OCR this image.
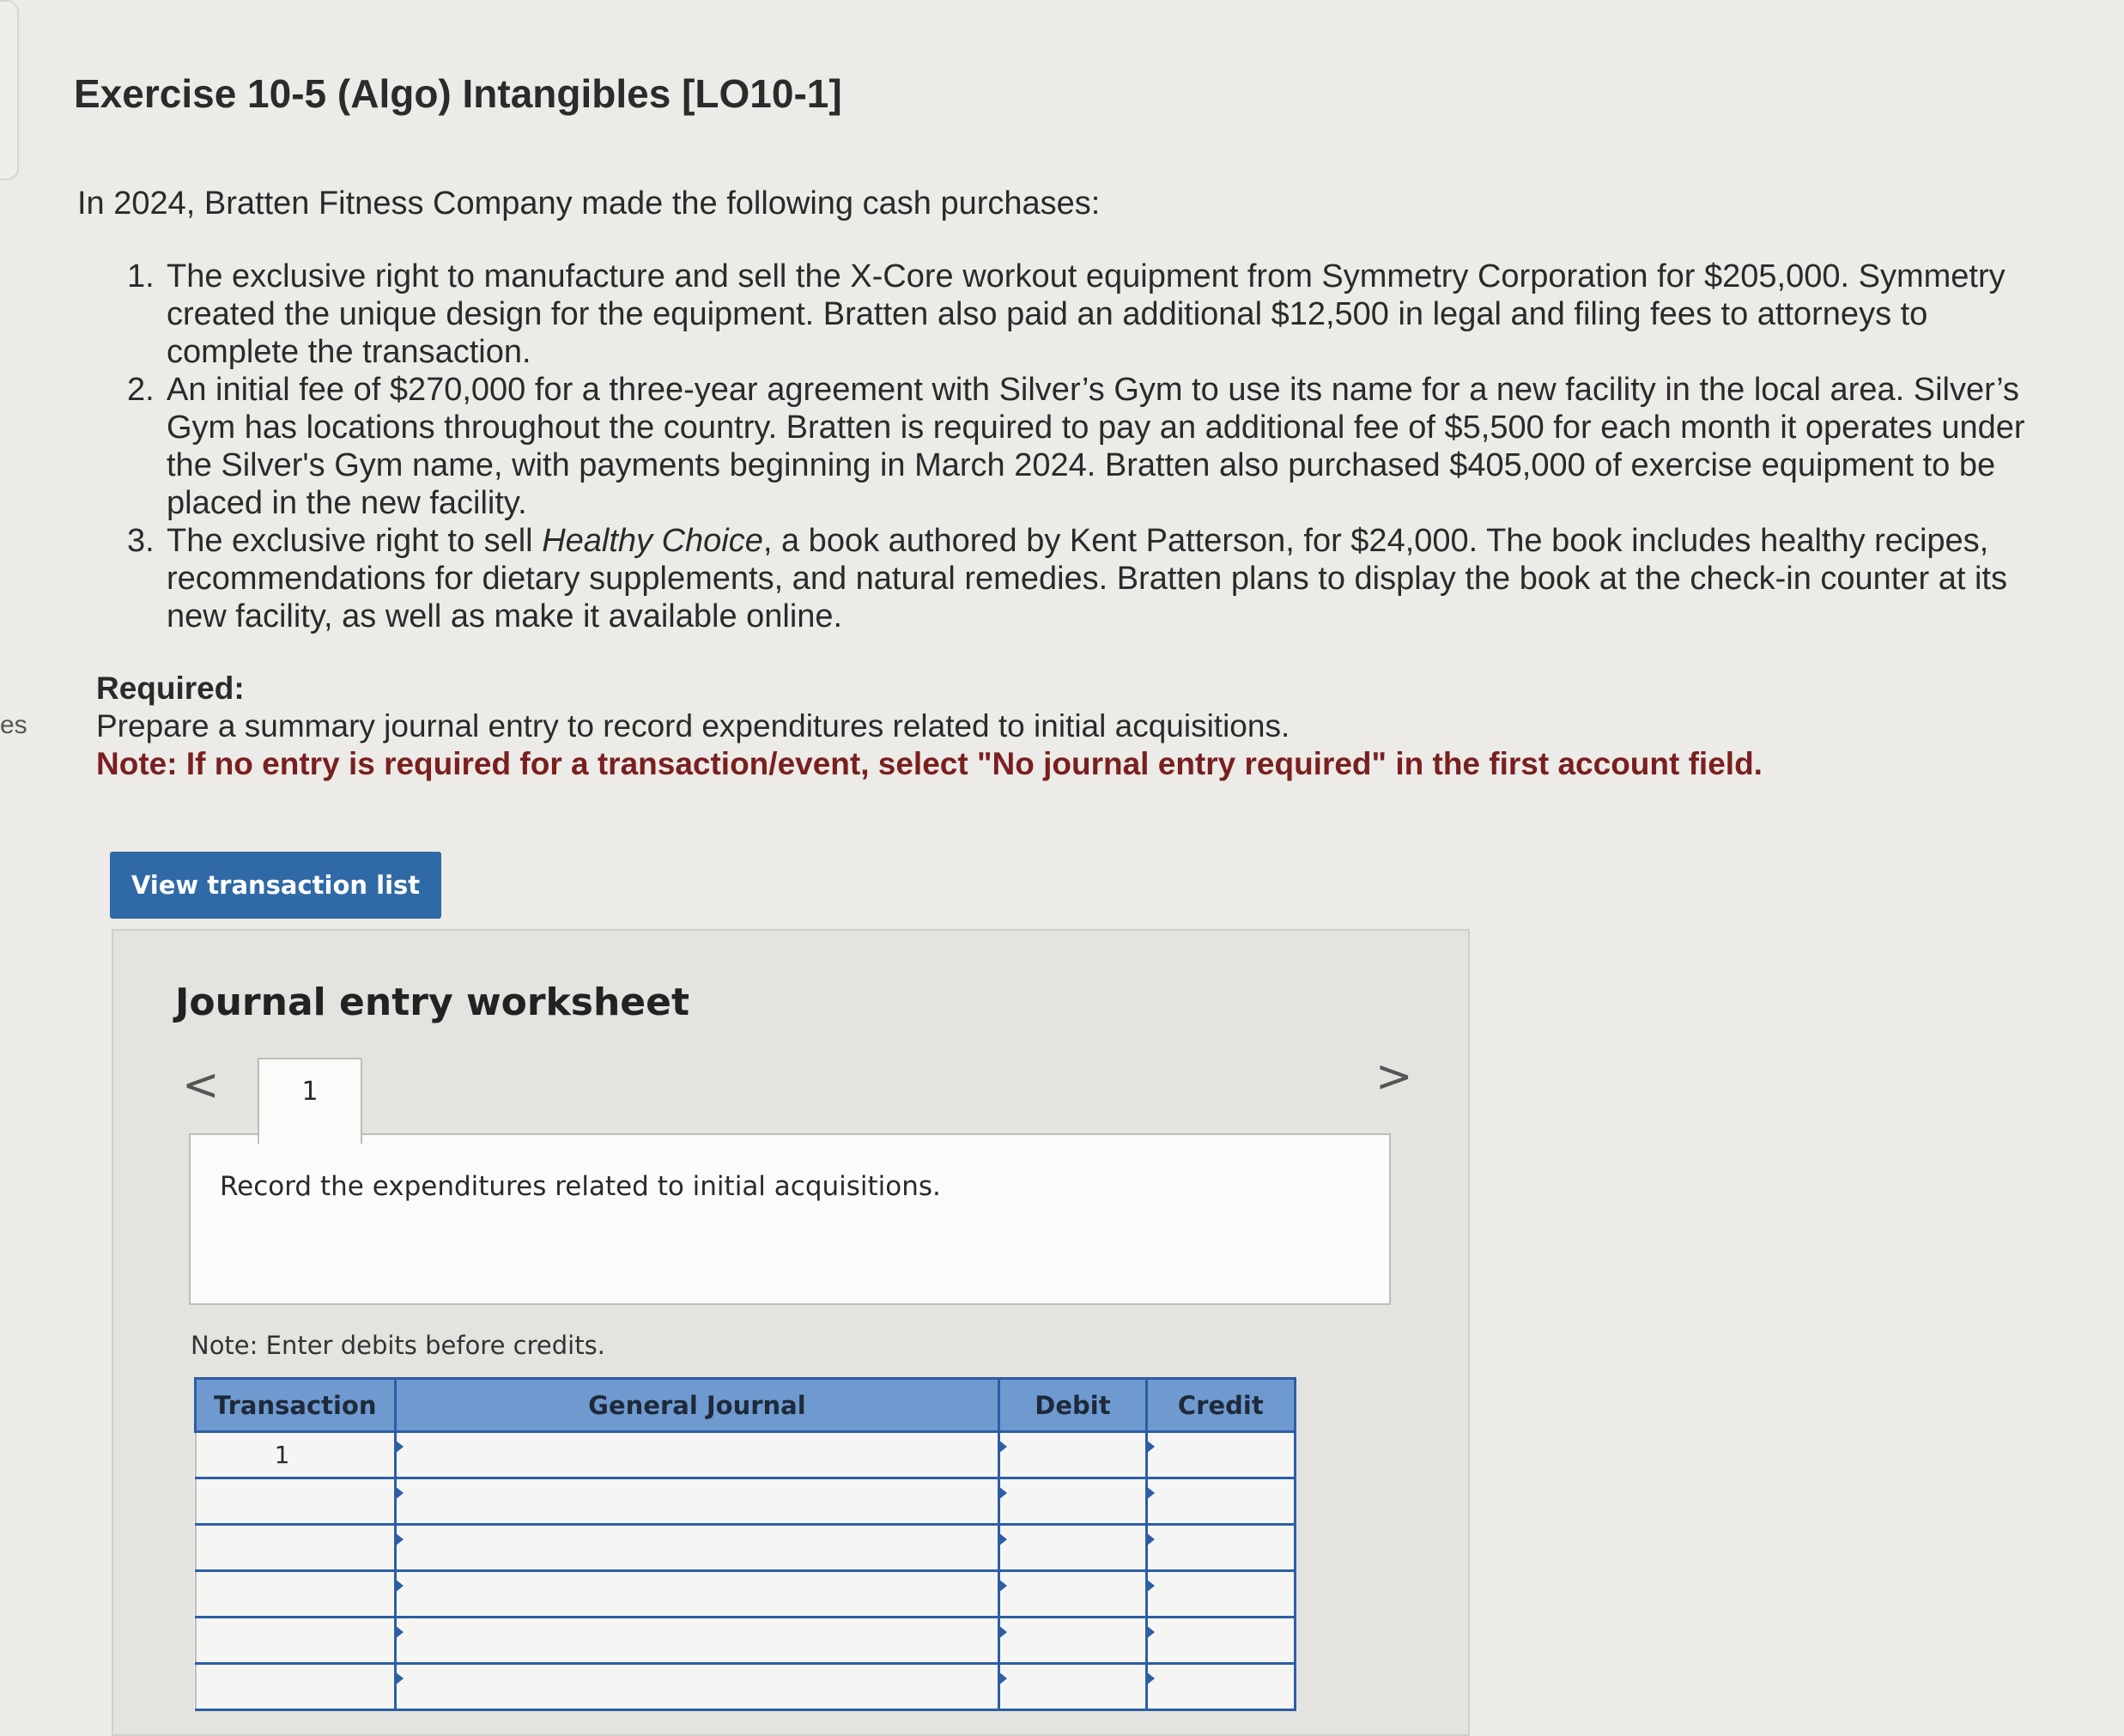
es
Exercise 10-5 (Algo) Intangibles [LO10-1]

In 2024, Bratten Fitness Company made the following cash purchases:

1. The exclusive right to manufacture and sell the X-Core workout equipment from Symmetry Corporation for $205,000. Symmetry created the unique design for the equipment. Bratten also paid an additional $12,500 in legal and filing fees to attorneys to complete the transaction.
2. An initial fee of $270,000 for a three-year agreement with Silver’s Gym to use its name for a new facility in the local area. Silver’s Gym has locations throughout the country. Bratten is required to pay an additional fee of $5,500 for each month it operates under the Silver's Gym name, with payments beginning in March 2024. Bratten also purchased $405,000 of exercise equipment to be placed in the new facility.
3. The exclusive right to sell Healthy Choice, a book authored by Kent Patterson, for $24,000. The book includes healthy recipes, recommendations for dietary supplements, and natural remedies. Bratten plans to display the book at the check-in counter at its new facility, as well as make it available online.
Required:
Prepare a summary journal entry to record expenditures related to initial acquisitions.
Note: If no entry is required for a transaction/event, select "No journal entry required" in the first account field.
View transaction list
Journal entry worksheet
<	>
1

Record the expenditures related to initial acquisitions.

Note: Enter debits before credits.

Transaction	General Journal	Debit	Credit
1	
